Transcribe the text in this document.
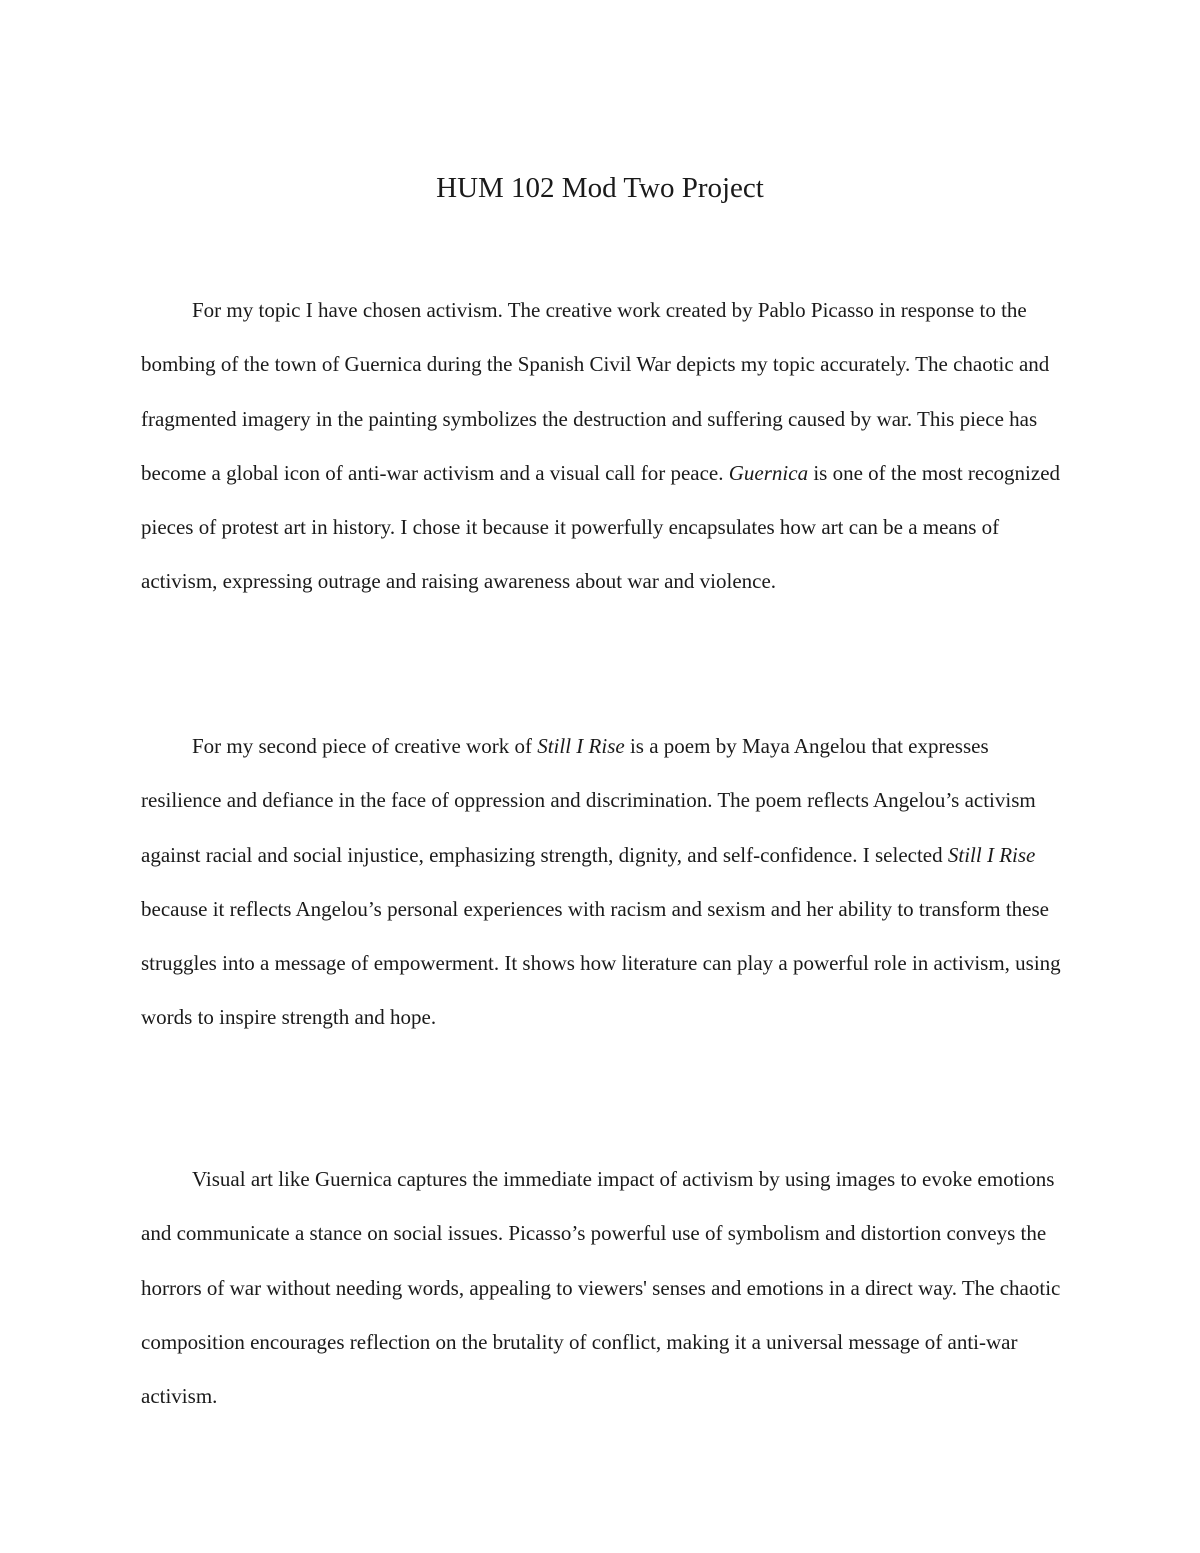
HUM 102 Mod Two Project

For my topic I have chosen activism. The creative work created by Pablo Picasso in response to the bombing of the town of Guernica during the Spanish Civil War depicts my topic accurately. The chaotic and fragmented imagery in the painting symbolizes the destruction and suffering caused by war. This piece has become a global icon of anti-war activism and a visual call for peace. Guernica is one of the most recognized pieces of protest art in history. I chose it because it powerfully encapsulates how art can be a means of activism, expressing outrage and raising awareness about war and violence.

For my second piece of creative work of Still I Rise is a poem by Maya Angelou that expresses resilience and defiance in the face of oppression and discrimination. The poem reflects Angelou’s activism against racial and social injustice, emphasizing strength, dignity, and self-confidence. I selected Still I Rise because it reflects Angelou’s personal experiences with racism and sexism and her ability to transform these struggles into a message of empowerment. It shows how literature can play a powerful role in activism, using words to inspire strength and hope.

Visual art like Guernica captures the immediate impact of activism by using images to evoke emotions and communicate a stance on social issues. Picasso’s powerful use of symbolism and distortion conveys the horrors of war without needing words, appealing to viewers' senses and emotions in a direct way. The chaotic composition encourages reflection on the brutality of conflict, making it a universal message of anti-war activism.
